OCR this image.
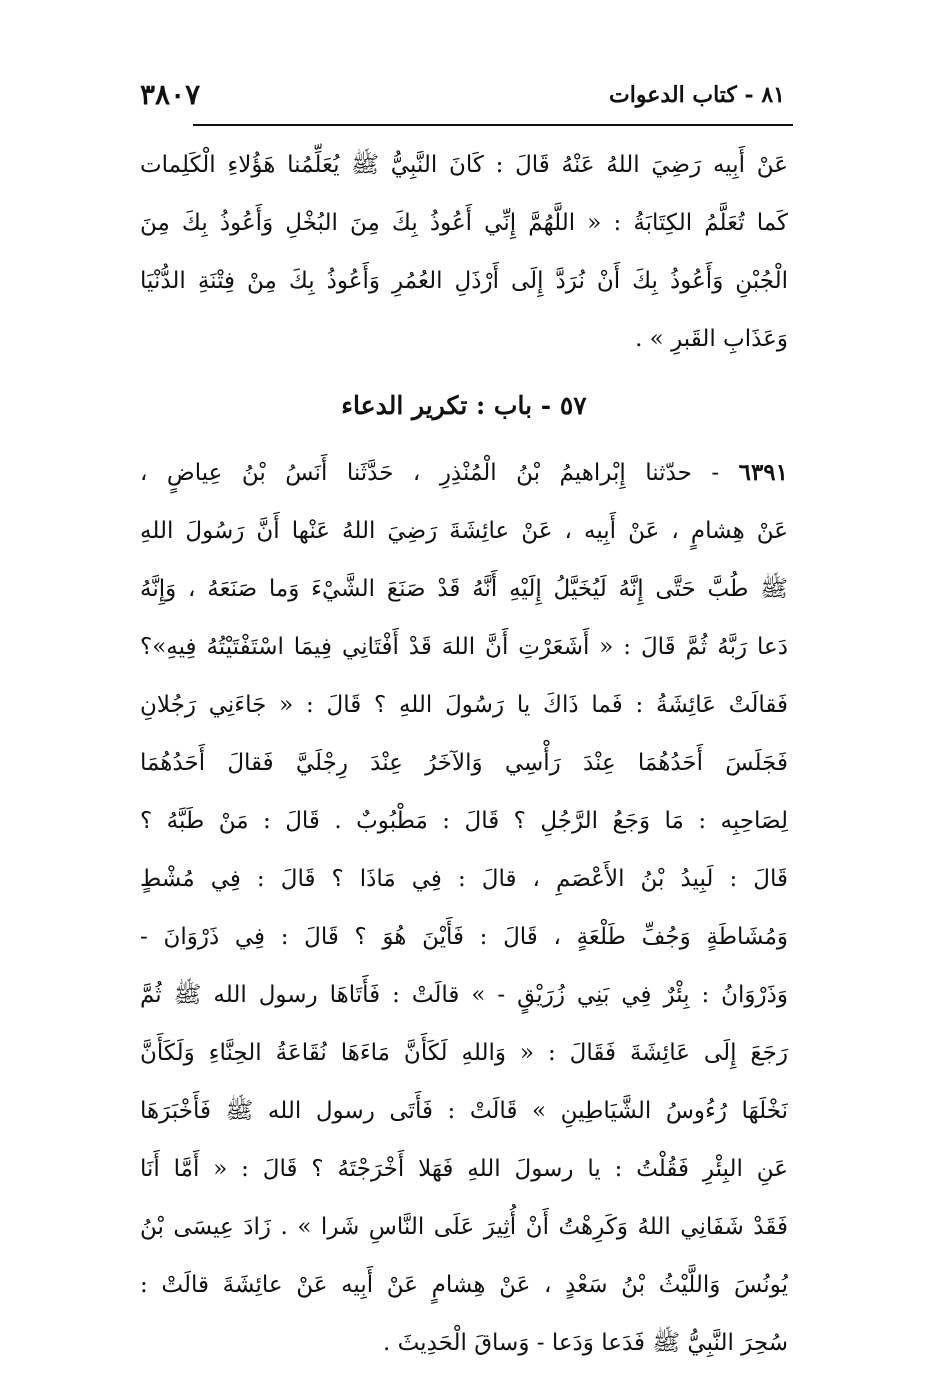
٨١ - كتاب الدعوات
٣٨٠٧
عَنْ أَبِيه رَضِيَ اللهُ عَنْهُ قَالَ : كَانَ النَّبِيُّ ﷺ يُعَلِّمُنا هَؤُلاءِ الْكَلِمات
كَما تُعَلَّمُ الكِتَابَةُ : « اللَّهُمَّ إِنِّي أَعُوذُ بِكَ مِنَ البُخْلِ وَأَعُوذُ بِكَ مِنَ
الْجُبْنِ وَأَعُوذُ بِكَ أَنْ نُرَدَّ إِلَى أَرْذَلِ العُمُرِ وَأَعُوذُ بِكَ مِنْ فِتْنَةِ الدُّنْيَا
وَعَذَابِ القَبرِ » .
٥٧ - باب : تكرير الدعاء
٦٣٩١ - حدّثنا إِبْراهيمُ بْنُ الْمُنْذِرِ ، حَدَّثَنا أَنَسُ بْنُ عِياضٍ ،
عَنْ هِشامٍ ، عَنْ أَبِيه ، عَنْ عائِشَةَ رَضِيَ اللهُ عَنْها أَنَّ رَسُولَ اللهِ
ﷺ طُبَّ حَتَّى إِنَّهُ لَيُخَيَّلُ إِلَيْهِ أَنَّهُ قَدْ صَنَعَ الشَّيْءَ وَما صَنَعَهُ ، وَإِنَّهُ
دَعا رَبَّهُ ثُمَّ قَالَ : « أَشَعَرْتِ أَنَّ اللهَ قَدْ أَفْتَانِي فِيمَا اسْتَفْتَيْتُهُ فِيهِ»؟
فَقالَتْ عَائِشَةُ : فَما ذَاكَ يا رَسُولَ اللهِ ؟ قَالَ : « جَاءَنِي رَجُلانِ
فَجَلَسَ أَحَدُهُمَا عِنْدَ رَأْسِي وَالآخَرُ عِنْدَ رِجْلَيَّ فَقالَ أَحَدُهُمَا
لِصَاحِبِه : مَا وَجَعُ الرَّجُلِ ؟ قَالَ : مَطْبُوبٌ . قَالَ : مَنْ طَبَّهُ ؟
قَالَ : لَبِيدُ بْنُ الأَعْصَمِ ، قالَ : فِي مَاذَا ؟ قَالَ : فِي مُشْطٍ
وَمُشَاطَةٍ وَجُفِّ طَلْعَةٍ ، قَالَ : فَأَيْنَ هُوَ ؟ قَالَ : فِي ذَرْوَانَ -
وَذَرْوَانُ : بِئْرٌ فِي بَنِي زُرَيْقٍ - » قالَتْ : فَأَتَاهَا رسول الله ﷺ ثُمَّ
رَجَعَ إِلَى عَائِشَةَ فَقَالَ : « وَاللهِ لَكَأَنَّ مَاءَهَا نُقَاعَةُ الحِنَّاءِ وَلَكَأَنَّ
نَخْلَهَا رُءُوسُ الشَّيَاطِينِ » قَالَتْ : فَأَتَى رسول الله ﷺ فَأَخْبَرَهَا
عَنِ البِئْرِ فَقُلْتُ : يا رسولَ اللهِ فَهَلا أَخْرَجْتَهُ ؟ قَالَ : « أَمَّا أَنَا
فَقَدْ شَفَانِي اللهُ وَكَرِهْتُ أَنْ أُثِيرَ عَلَى النَّاسِ شَرا » . زَادَ عِيسَى بْنُ
يُونُسَ وَاللَّيْثُ بْنُ سَعْدٍ ، عَنْ هِشامٍ عَنْ أَبِيه عَنْ عائِشَةَ قالَتْ :
سُحِرَ النَّبِيُّ ﷺ فَدَعا وَدَعا - وَساقَ الْحَدِيثَ .
